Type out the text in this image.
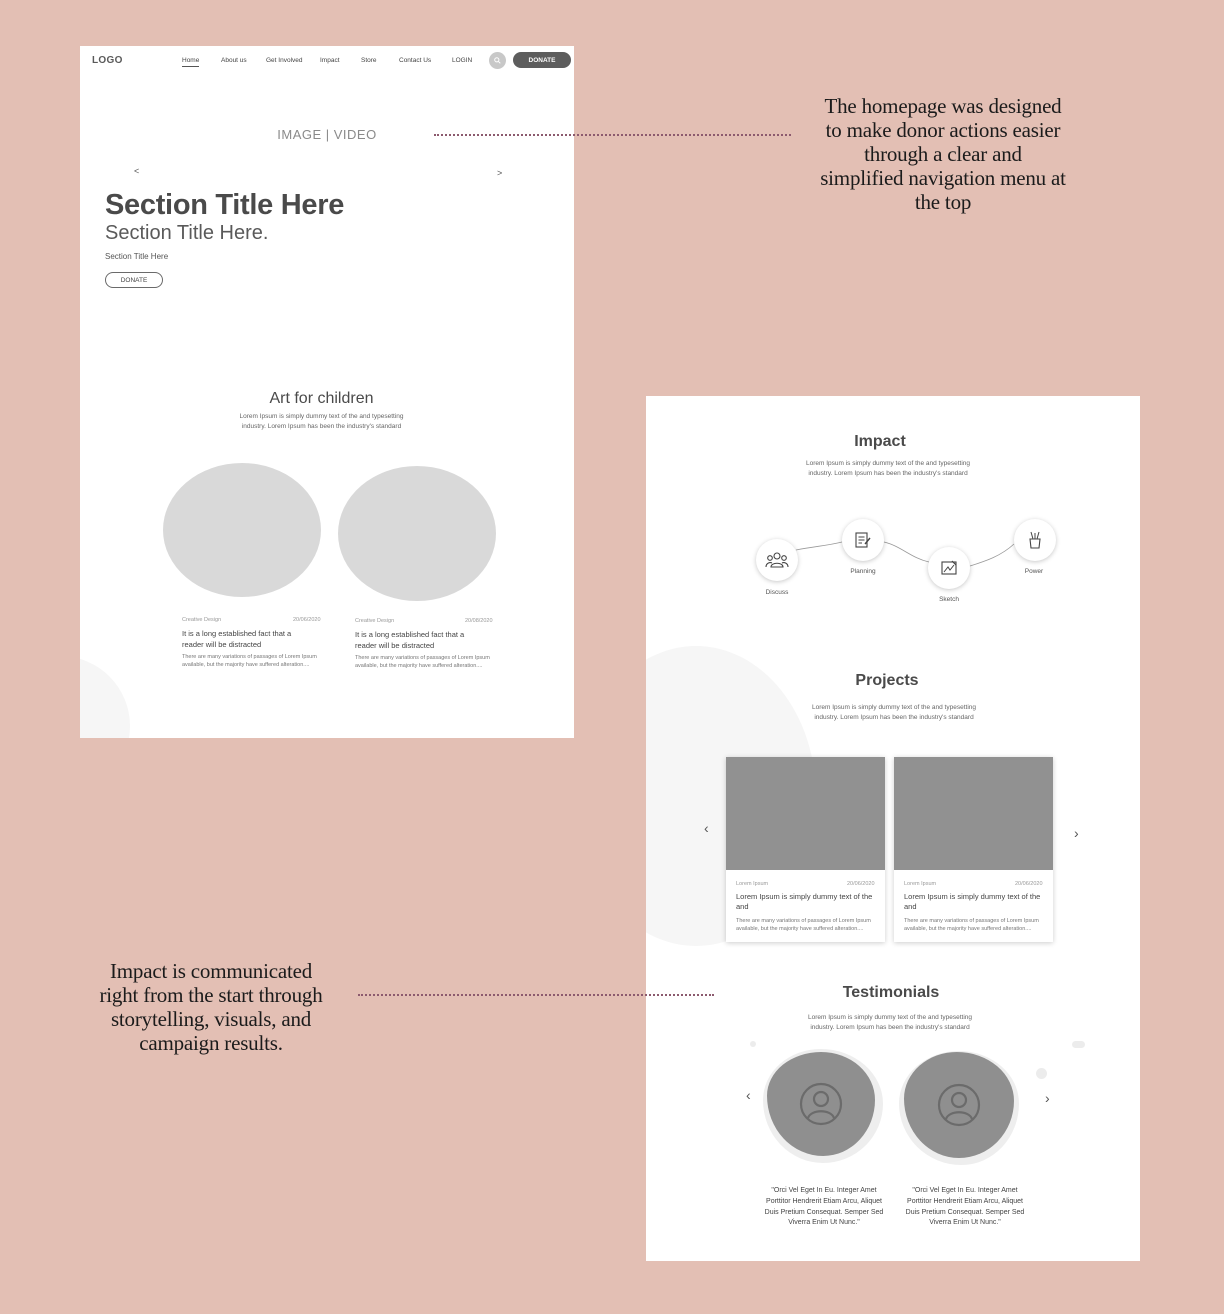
LOGO	Home	About us	Get Involved	Impact	Store	Contact Us	LOGIN	DONATE
IMAGE | VIDEO
<	>
Section Title Here
Section Title Here.
Section Title Here
DONATE
Art for children
Lorem Ipsum is simply dummy text of the and typesetting
industry. Lorem Ipsum has been the industry's standard
Creative Design	20/06/2020
It is a long established fact that a
reader will be distracted
There are many variations of passages of Lorem Ipsum
available, but the majority have suffered alteration....
Creative Design	20/08/2020
It is a long established fact that a
reader will be distracted
There are many variations of passages of Lorem Ipsum
available, but the majority have suffered alteration....
Impact
Lorem Ipsum is simply dummy text of the and typesetting
industry. Lorem Ipsum has been the industry's standard
Discuss
Planning
Sketch
Power
Projects
Lorem Ipsum is simply dummy text of the and typesetting
industry. Lorem Ipsum has been the industry's standard
‹	›
Lorem Ipsum	20/06/2020
Lorem Ipsum is simply dummy text of the
and
There are many variations of passages of Lorem Ipsum
available, but the majority have suffered alteration....
Lorem Ipsum	20/06/2020
Lorem Ipsum is simply dummy text of the
and
There are many variations of passages of Lorem Ipsum
available, but the majority have suffered alteration....
Testimonials
Lorem Ipsum is simply dummy text of the and typesetting
industry. Lorem Ipsum has been the industry's standard
‹	›
"Orci Vel Eget In Eu. Integer Amet
Porttitor Hendrerit Etiam Arcu, Aliquet
Duis Pretium Consequat. Semper Sed
Viverra Enim Ut Nunc."
"Orci Vel Eget In Eu. Integer Amet
Porttitor Hendrerit Etiam Arcu, Aliquet
Duis Pretium Consequat. Semper Sed
Viverra Enim Ut Nunc."
The homepage was designed
to make donor actions easier
through a clear and
simplified navigation menu at
the top
Impact is communicated
right from the start through
storytelling, visuals, and
campaign results.
